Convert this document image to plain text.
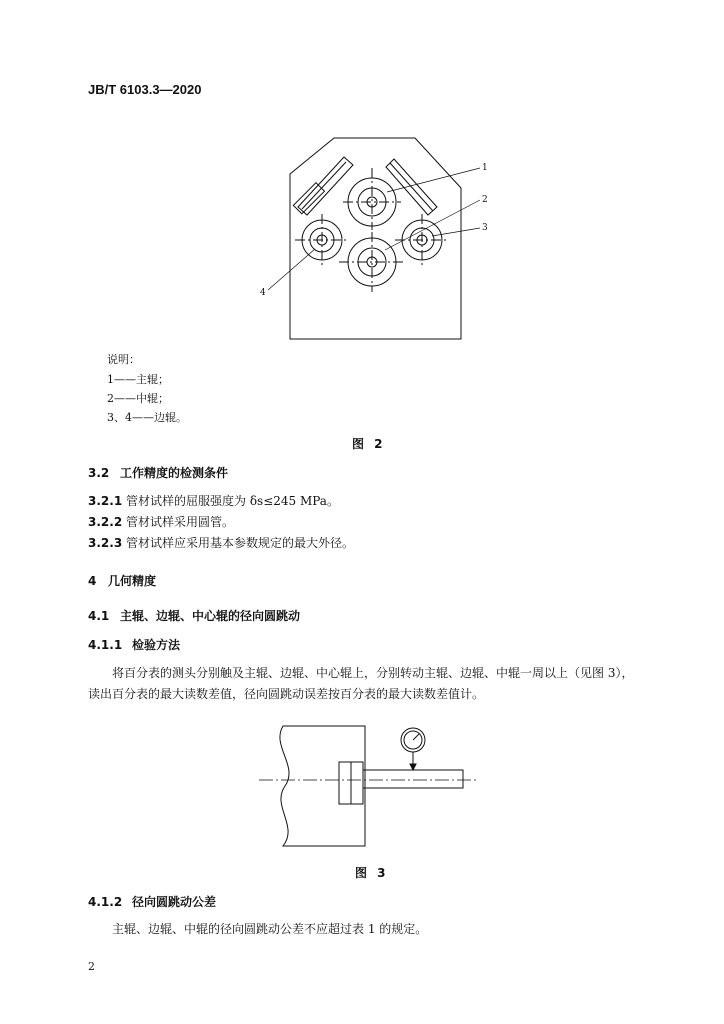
JB/T 6103.3—2020
1
2
3
4
说明：
1——主辊；
2——中辊；
3、4——边辊。
图 2
3.2 工作精度的检测条件
3.2.1 管材试样的屈服强度为 δs≤245 MPa。
3.2.2 管材试样采用圆管。
3.2.3 管材试样应采用基本参数规定的最大外径。
4 几何精度
4.1 主辊、边辊、中心辊的径向圆跳动
4.1.1 检验方法
将百分表的测头分别触及主辊、边辊、中心辊上，分别转动主辊、边辊、中辊一周以上（见图 3），
读出百分表的最大读数差值，径向圆跳动误差按百分表的最大读数差值计。
图 3
4.1.2 径向圆跳动公差
主辊、边辊、中辊的径向圆跳动公差不应超过表 1 的规定。
2
